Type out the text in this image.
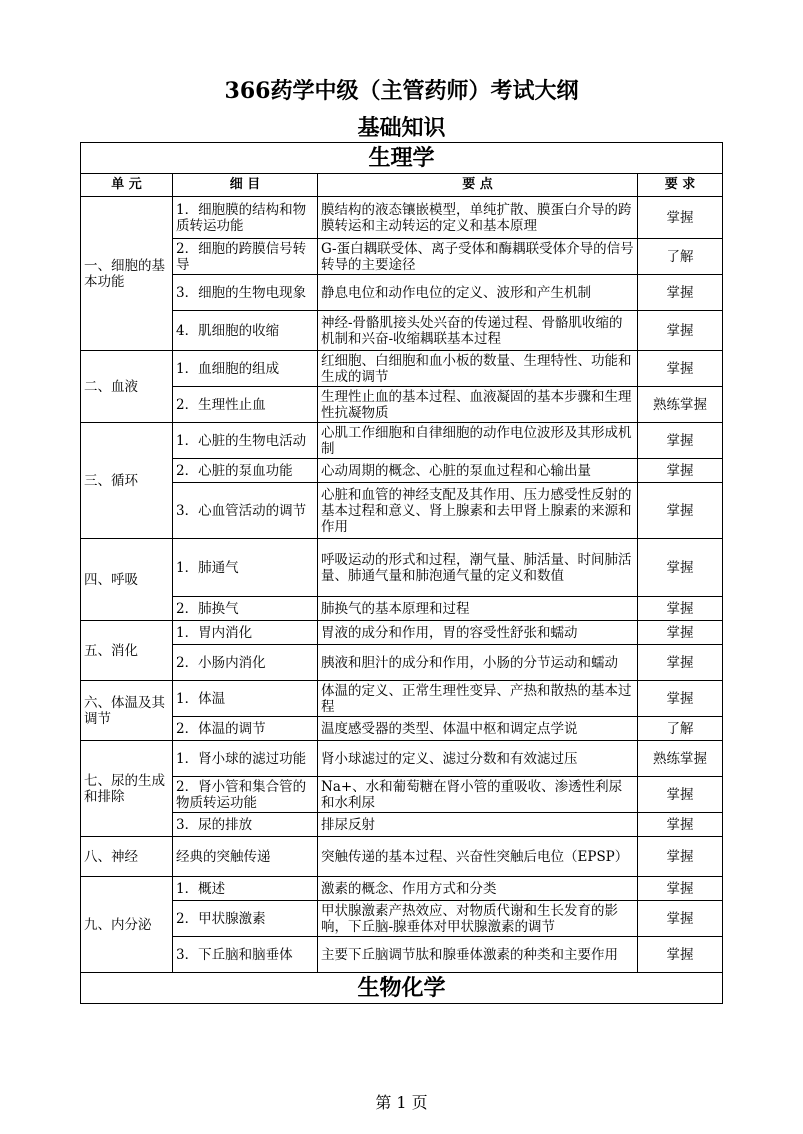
366药学中级（主管药师）考试大纲
基础知识
生理学			
单 元	细 目	要 点	要 求
一、细胞的基本功能	1．细胞膜的结构和物质转运功能	膜结构的液态镶嵌模型，单纯扩散、膜蛋白介导的跨膜转运和主动转运的定义和基本原理	掌握
	2．细胞的跨膜信号转导	G-蛋白耦联受体、离子受体和酶耦联受体介导的信号转导的主要途径	了解
	3．细胞的生物电现象	静息电位和动作电位的定义、波形和产生机制	掌握
	4．肌细胞的收缩	神经-骨骼肌接头处兴奋的传递过程、骨骼肌收缩的机制和兴奋-收缩耦联基本过程	掌握
二、血液	1．血细胞的组成	红细胞、白细胞和血小板的数量、生理特性、功能和生成的调节	掌握
	2．生理性止血	生理性止血的基本过程、血液凝固的基本步骤和生理性抗凝物质	熟练掌握
三、循环	1．心脏的生物电活动	心肌工作细胞和自律细胞的动作电位波形及其形成机制	掌握
	2．心脏的泵血功能	心动周期的概念、心脏的泵血过程和心输出量	掌握
	3．心血管活动的调节	心脏和血管的神经支配及其作用、压力感受性反射的基本过程和意义、肾上腺素和去甲肾上腺素的来源和作用	掌握
四、呼吸	1．肺通气	呼吸运动的形式和过程，潮气量、肺活量、时间肺活量、肺通气量和肺泡通气量的定义和数值	掌握
	2．肺换气	肺换气的基本原理和过程	掌握
五、消化	1．胃内消化	胃液的成分和作用，胃的容受性舒张和蠕动	掌握
	2．小肠内消化	胰液和胆汁的成分和作用，小肠的分节运动和蠕动	掌握
六、体温及其调节	1．体温	体温的定义、正常生理性变异、产热和散热的基本过程	掌握
	2．体温的调节	温度感受器的类型、体温中枢和调定点学说	了解
七、尿的生成和排除	1．肾小球的滤过功能	肾小球滤过的定义、滤过分数和有效滤过压	熟练掌握
	2．肾小管和集合管的物质转运功能	Na+、水和葡萄糖在肾小管的重吸收、渗透性利尿和水利尿	掌握
	3．尿的排放	排尿反射	掌握
八、神经	经典的突触传递	突触传递的基本过程、兴奋性突触后电位（EPSP）	掌握
九、内分泌	1．概述	激素的概念、作用方式和分类	掌握
	2．甲状腺激素	甲状腺激素产热效应、对物质代谢和生长发育的影响，下丘脑-腺垂体对甲状腺激素的调节	掌握
	3．下丘脑和脑垂体	主要下丘脑调节肽和腺垂体激素的种类和主要作用	掌握
生物化学			
第 1 页
